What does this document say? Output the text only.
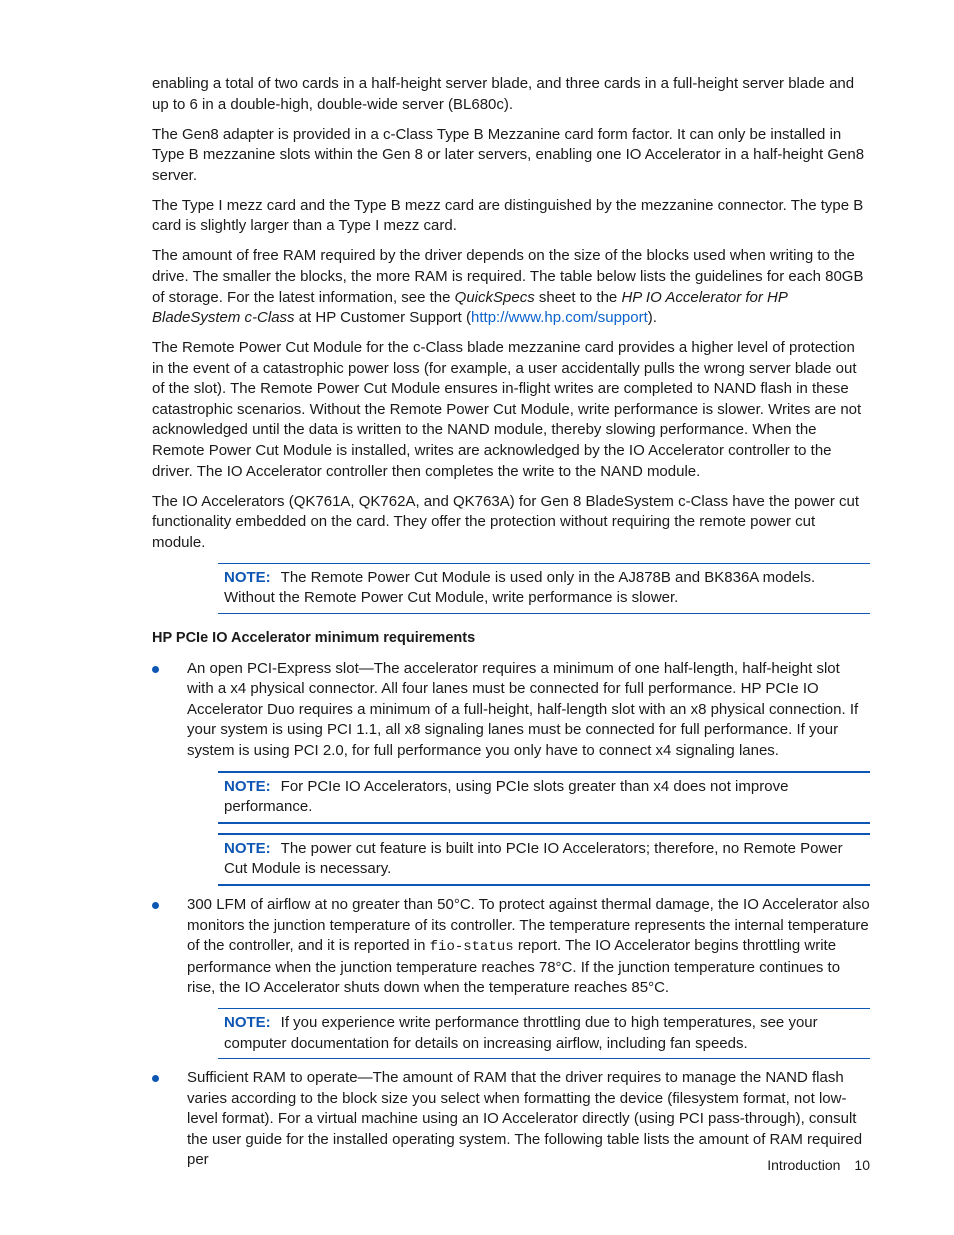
enabling a total of two cards in a half-height server blade, and three cards in a full-height server blade and up to 6 in a double-high, double-wide server (BL680c).

The Gen8 adapter is provided in a c-Class Type B Mezzanine card form factor. It can only be installed in Type B mezzanine slots within the Gen 8 or later servers, enabling one IO Accelerator in a half-height Gen8 server.

The Type I mezz card and the Type B mezz card are distinguished by the mezzanine connector. The type B card is slightly larger than a Type I mezz card.

The amount of free RAM required by the driver depends on the size of the blocks used when writing to the drive. The smaller the blocks, the more RAM is required. The table below lists the guidelines for each 80GB of storage. For the latest information, see the QuickSpecs sheet to the HP IO Accelerator for HP BladeSystem c-Class at HP Customer Support (http://www.hp.com/support).

The Remote Power Cut Module for the c-Class blade mezzanine card provides a higher level of protection in the event of a catastrophic power loss (for example, a user accidentally pulls the wrong server blade out of the slot). The Remote Power Cut Module ensures in-flight writes are completed to NAND flash in these catastrophic scenarios. Without the Remote Power Cut Module, write performance is slower. Writes are not acknowledged until the data is written to the NAND module, thereby slowing performance. When the Remote Power Cut Module is installed, writes are acknowledged by the IO Accelerator controller to the driver. The IO Accelerator controller then completes the write to the NAND module.

The IO Accelerators (QK761A, QK762A, and QK763A) for Gen 8 BladeSystem c-Class have the power cut functionality embedded on the card. They offer the protection without requiring the remote power cut module.

NOTE: The Remote Power Cut Module is used only in the AJ878B and BK836A models. Without the Remote Power Cut Module, write performance is slower.

HP PCIe IO Accelerator minimum requirements

An open PCI-Express slot—The accelerator requires a minimum of one half-length, half-height slot with a x4 physical connector. All four lanes must be connected for full performance. HP PCIe IO Accelerator Duo requires a minimum of a full-height, half-length slot with an x8 physical connection. If your system is using PCI 1.1, all x8 signaling lanes must be connected for full performance. If your system is using PCI 2.0, for full performance you only have to connect x4 signaling lanes.

NOTE: For PCIe IO Accelerators, using PCIe slots greater than x4 does not improve performance.

NOTE: The power cut feature is built into PCIe IO Accelerators; therefore, no Remote Power Cut Module is necessary.

300 LFM of airflow at no greater than 50°C. To protect against thermal damage, the IO Accelerator also monitors the junction temperature of its controller. The temperature represents the internal temperature of the controller, and it is reported in fio-status report. The IO Accelerator begins throttling write performance when the junction temperature reaches 78°C. If the junction temperature continues to rise, the IO Accelerator shuts down when the temperature reaches 85°C.

NOTE: If you experience write performance throttling due to high temperatures, see your computer documentation for details on increasing airflow, including fan speeds.

Sufficient RAM to operate—The amount of RAM that the driver requires to manage the NAND flash varies according to the block size you select when formatting the device (filesystem format, not low-level format). For a virtual machine using an IO Accelerator directly (using PCI pass-through), consult the user guide for the installed operating system. The following table lists the amount of RAM required per	Introduction 10
